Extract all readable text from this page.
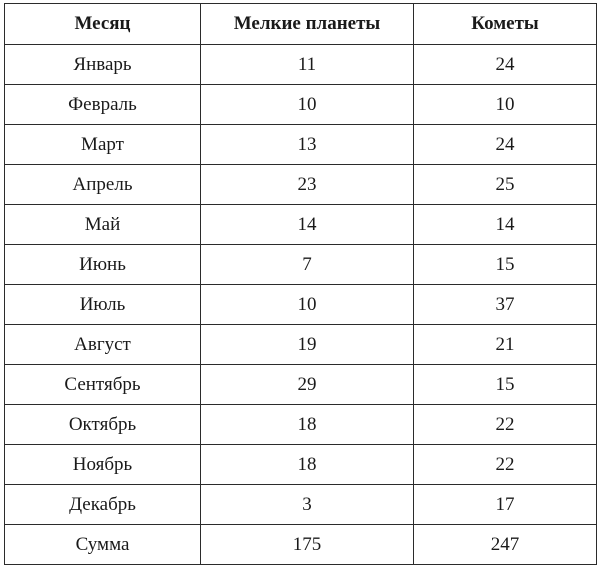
Месяц	Мелкие планеты	Кометы
Январь	11	24
Февраль	10	10
Март	13	24
Апрель	23	25
Май	14	14
Июнь	7	15
Июль	10	37
Август	19	21
Сентябрь	29	15
Октябрь	18	22
Ноябрь	18	22
Декабрь	3	17
Сумма	175	247
